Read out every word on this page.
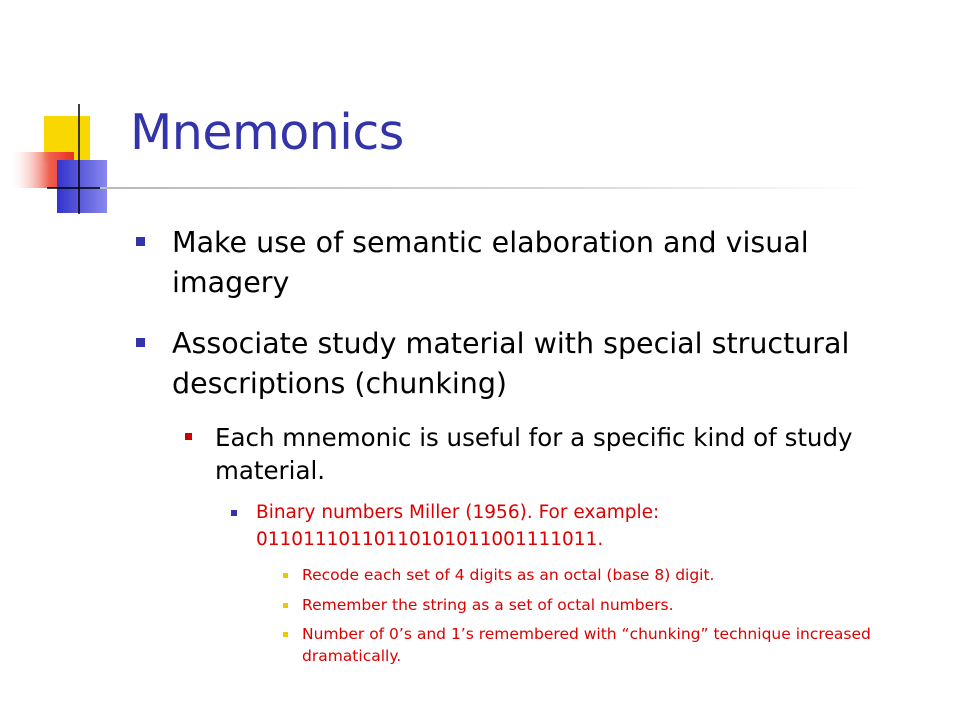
Mnemonics
Make use of semantic elaboration and visual imagery
Associate study material with special structural descriptions (chunking)
Each mnemonic is useful for a specific kind of study material.
Binary numbers Miller (1956). For example: 01101110110110101011001111011.
Recode each set of 4 digits as an octal (base 8) digit.
Remember the string as a set of octal numbers.
Number of 0’s and 1’s remembered with “chunking” technique increased dramatically.
